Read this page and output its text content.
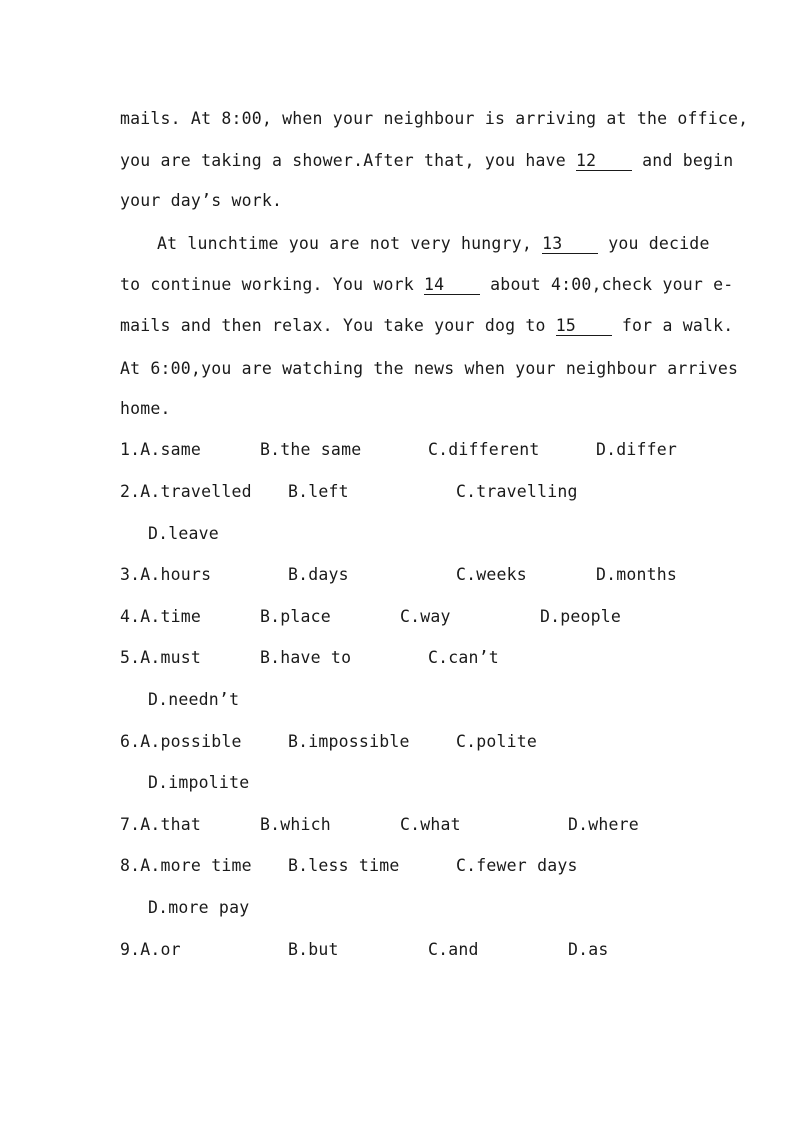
mails. At 8:00, when your neighbour is arriving at the office,
you are taking a shower.After that, you have 12	and begin
your day’s work.
At lunchtime you are not very hungry, 13	you decide
to continue working. You work 14	about 4:00,check your e-
mails and then relax. You take your dog to 15	for a walk.
At 6:00,you are watching the news when your neighbour arrives
home.
1.A.same	B.the same	C.different	D.differ
2.A.travelled B.left	C.travelling
D.leave
3.A.hours	B.days	C.weeks	D.months
4.A.time	B.place	C.way	D.people
5.A.must	B.have to	C.can’t
D.needn’t
6.A.possible	B.impossible	C.polite
D.impolite
7.A.that	B.which	C.what	D.where
8.A.more time B.less time	C.fewer days
D.more pay
9.A.or	B.but	C.and	D.as
